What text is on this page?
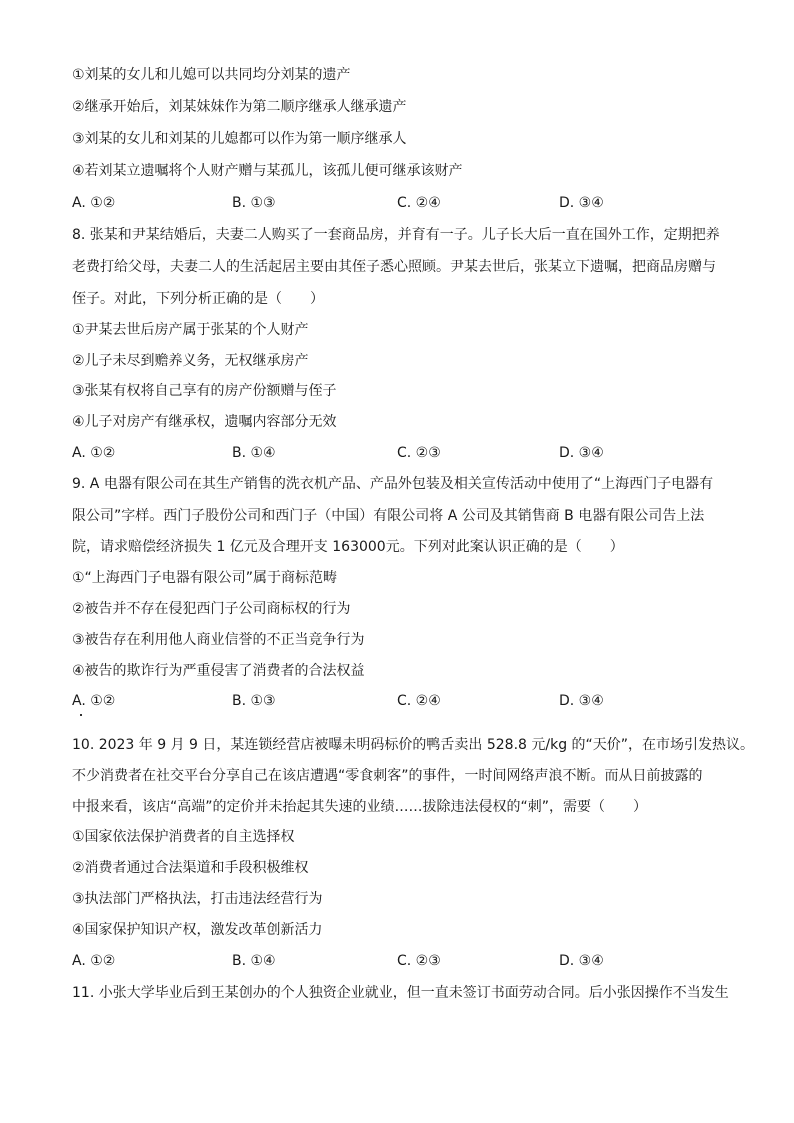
①刘某的女儿和儿媳可以共同均分刘某的遗产
②继承开始后，刘某妹妹作为第二顺序继承人继承遗产
③刘某的女儿和刘某的儿媳都可以作为第一顺序继承人
④若刘某立遗嘱将个人财产赠与某孤儿，该孤儿便可继承该财产
A. ①②	B. ①③	C. ②④	D. ③④
8. 张某和尹某结婚后，夫妻二人购买了一套商品房，并育有一子。儿子长大后一直在国外工作，定期把养
老费打给父母，夫妻二人的生活起居主要由其侄子悉心照顾。尹某去世后，张某立下遗嘱，把商品房赠与
侄子。对此，下列分析正确的是（　　）
①尹某去世后房产属于张某的个人财产
②儿子未尽到赡养义务，无权继承房产
③张某有权将自己享有的房产份额赠与侄子
④儿子对房产有继承权，遗嘱内容部分无效
A. ①②	B. ①④	C. ②③	D. ③④
9. A 电器有限公司在其生产销售的洗衣机产品、产品外包装及相关宣传活动中使用了“上海西门子电器有
限公司”字样。西门子股份公司和西门子（中国）有限公司将 A 公司及其销售商 B 电器有限公司告上法
院，请求赔偿经济损失 1 亿元及合理开支 163000元。下列对此案认识正确的是（　　）
①“上海西门子电器有限公司”属于商标范畴
②被告并不存在侵犯西门子公司商标权的行为
③被告存在利用他人商业信誉的不正当竞争行为
④被告的欺诈行为严重侵害了消费者的合法权益
A. ①②	B. ①③	C. ②④	D. ③④
10. 2023 年 9 月 9 日，某连锁经营店被曝未明码标价的鸭舌卖出 528.8 元/kg 的“天价”，在市场引发热议。
不少消费者在社交平台分享自己在该店遭遇“零食刺客”的事件，一时间网络声浪不断。而从日前披露的
中报来看，该店“高端”的定价并未抬起其失速的业绩……拔除违法侵权的“刺”，需要（　　）
①国家依法保护消费者的自主选择权
②消费者通过合法渠道和手段积极维权
③执法部门严格执法，打击违法经营行为
④国家保护知识产权，激发改革创新活力
A. ①②	B. ①④	C. ②③	D. ③④
11. 小张大学毕业后到王某创办的个人独资企业就业，但一直未签订书面劳动合同。后小张因操作不当发生
